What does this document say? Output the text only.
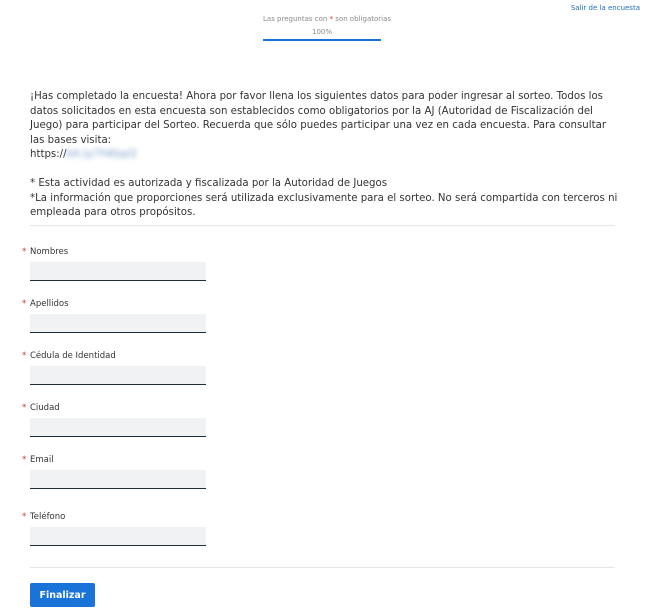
Salir de la encuesta
Las preguntas con * son obligatorias
100%

¡Has completado la encuesta! Ahora por favor llena los siguientes datos para poder ingresar al sorteo. Todos los datos solicitados en esta encuesta son establecidos como obligatorios por la AJ (Autoridad de Fiscalización del Juego) para participar del Sorteo. Recuerda que sólo puedes participar una vez en cada encuesta. Para consultar las bases visita:
https://bit.ly/7hKbpl2

* Esta actividad es autorizada y fiscalizada por la Autoridad de Juegos

*La información que proporciones será utilizada exclusivamente para el sorteo. No será compartida con terceros ni empleada para otros propósitos.

* Nombres
* Apellidos
* Cédula de Identidad
* Ciudad
* Email
* Teléfono
Finalizar
